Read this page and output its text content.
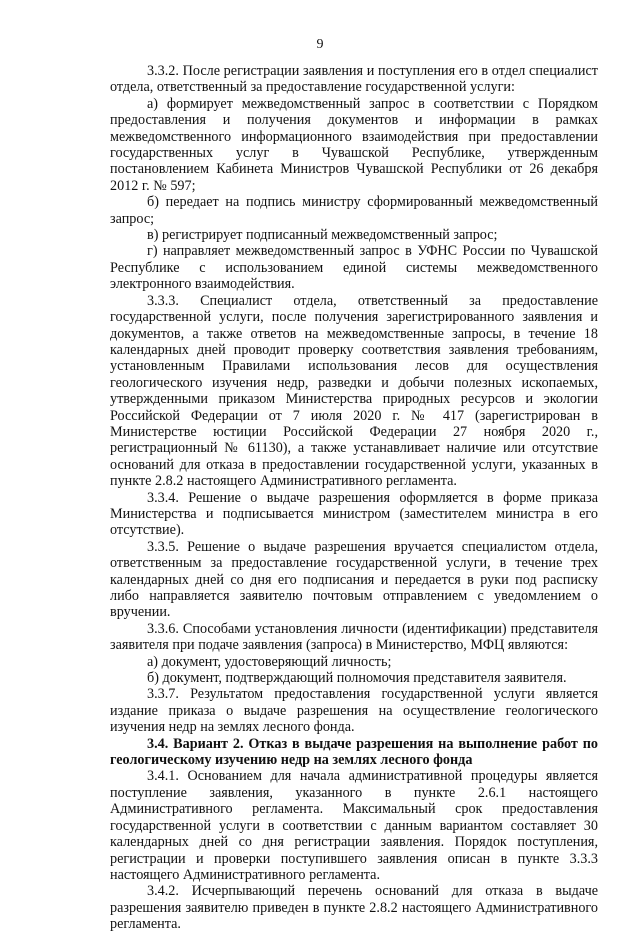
9

3.3.2. После регистрации заявления и поступления его в отдел специалист отдела, ответственный за предоставление государственной услуги:

а) формирует межведомственный запрос в соответствии с Порядком предоставления и получения документов и информации в рамках межведомственного информационного взаимодействия при предоставлении государственных услуг в Чувашской Республике, утвержденным постановлением Кабинета Министров Чувашской Республики от 26 декабря 2012 г. № 597;

б) передает на подпись министру сформированный межведомственный запрос;

в) регистрирует подписанный межведомственный запрос;

г) направляет межведомственный запрос в УФНС России по Чувашской Республике с использованием единой системы межведомственного электронного взаимодействия.

3.3.3. Специалист отдела, ответственный за предоставление государственной услуги, после получения зарегистрированного заявления и документов, а также ответов на межведомственные запросы, в течение 18 календарных дней проводит проверку соответствия заявления требованиям, установленным Правилами использования лесов для осуществления геологического изучения недр, разведки и добычи полезных ископаемых, утвержденными приказом Министерства природных ресурсов и экологии Российской Федерации от 7 июля 2020 г. № 417 (зарегистрирован в Министерстве юстиции Российской Федерации 27 ноября 2020 г., регистрационный № 61130), а также устанавливает наличие или отсутствие оснований для отказа в предоставлении государственной услуги, указанных в пункте 2.8.2 настоящего Административного регламента.

3.3.4. Решение о выдаче разрешения оформляется в форме приказа Министерства и подписывается министром (заместителем министра в его отсутствие).

3.3.5. Решение о выдаче разрешения вручается специалистом отдела, ответственным за предоставление государственной услуги, в течение трех календарных дней со дня его подписания и передается в руки под расписку либо направляется заявителю почтовым отправлением с уведомлением о вручении.

3.3.6. Способами установления личности (идентификации) представителя заявителя при подаче заявления (запроса) в Министерство, МФЦ являются:

а) документ, удостоверяющий личность;

б) документ, подтверждающий полномочия представителя заявителя.

3.3.7. Результатом предоставления государственной услуги является издание приказа о выдаче разрешения на осуществление геологического изучения недр на землях лесного фонда.

3.4. Вариант 2. Отказ в выдаче разрешения на выполнение работ по геологическому изучению недр на землях лесного фонда

3.4.1. Основанием для начала административной процедуры является поступление заявления, указанного в пункте 2.6.1 настоящего Административного регламента. Максимальный срок предоставления государственной услуги в соответствии с данным вариантом составляет 30 календарных дней со дня регистрации заявления. Порядок поступления, регистрации и проверки поступившего заявления описан в пункте 3.3.3 настоящего Административного регламента.

3.4.2. Исчерпывающий перечень оснований для отказа в выдаче разрешения заявителю приведен в пункте 2.8.2 настоящего Административного регламента.
